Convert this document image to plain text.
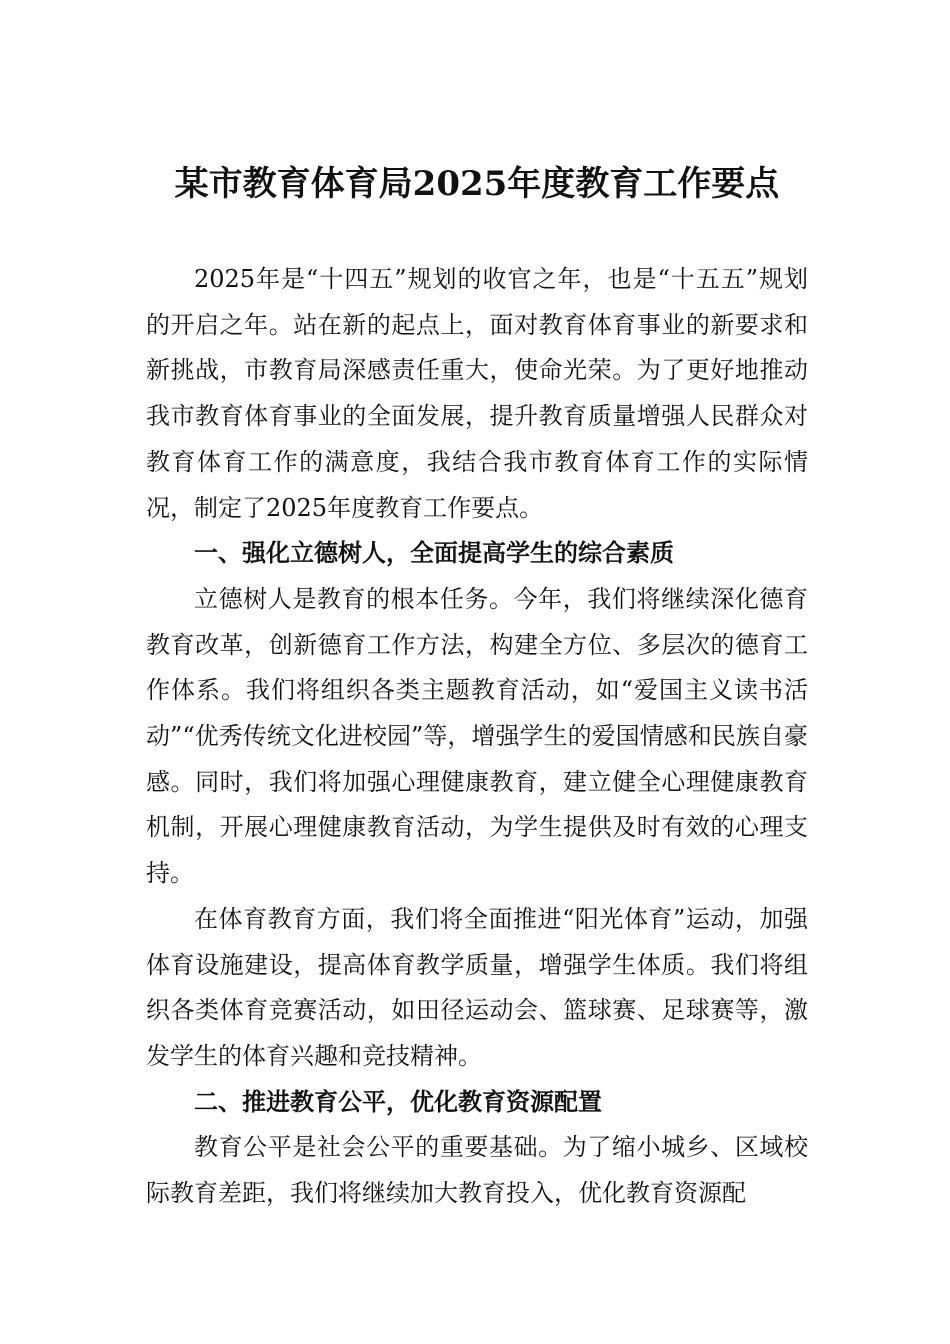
某市教育体育局2025年度教育工作要点

2025年是“十四五”规划的收官之年，也是“十五五”规划的开启之年。站在新的起点上，面对教育体育事业的新要求和新挑战，市教育局深感责任重大，使命光荣。为了更好地推动我市教育体育事业的全面发展，提升教育质量增强人民群众对教育体育工作的满意度，我结合我市教育体育工作的实际情况，制定了2025年度教育工作要点。

一、强化立德树人，全面提高学生的综合素质

立德树人是教育的根本任务。今年，我们将继续深化德育教育改革，创新德育工作方法，构建全方位、多层次的德育工作体系。我们将组织各类主题教育活动，如“爱国主义读书活动”“优秀传统文化进校园”等，增强学生的爱国情感和民族自豪感。同时，我们将加强心理健康教育，建立健全心理健康教育机制，开展心理健康教育活动，为学生提供及时有效的心理支持。

在体育教育方面，我们将全面推进“阳光体育”运动，加强体育设施建设，提高体育教学质量，增强学生体质。我们将组织各类体育竞赛活动，如田径运动会、篮球赛、足球赛等，激发学生的体育兴趣和竞技精神。

二、推进教育公平，优化教育资源配置

教育公平是社会公平的重要基础。为了缩小城乡、区域校际教育差距，我们将继续加大教育投入，优化教育资源配
